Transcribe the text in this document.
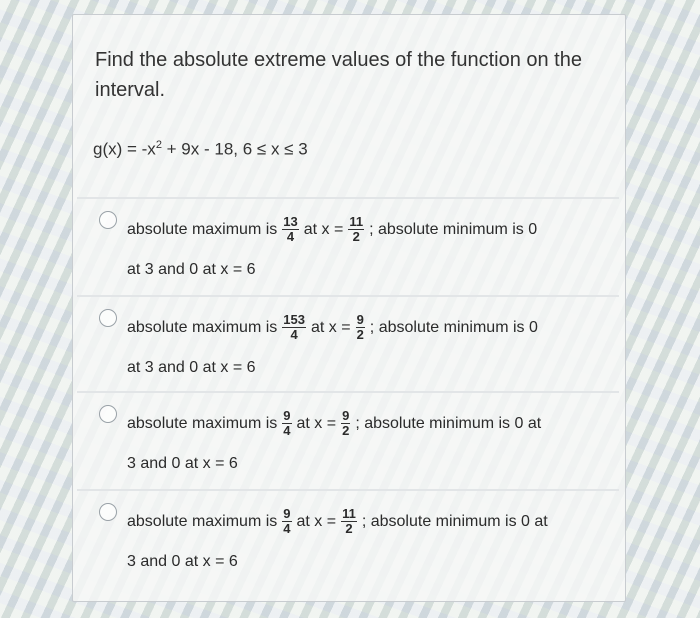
Find the absolute extreme values of the function on the interval.
$g(x) = -x^2 + 9x - 18$, 6 ≤ x ≤ 3
absolute maximum is $\frac{13}{4}$ at $x = \frac{11}{2}$ ; absolute minimum is 0
at 3 and 0 at x = 6
absolute maximum is $\frac{153}{4}$ at $x = \frac{9}{2}$ ; absolute minimum is 0
at 3 and 0 at x = 6
absolute maximum is $\frac{9}{4}$ at $x = \frac{9}{2}$ ; absolute minimum is 0 at
3 and 0 at x = 6
absolute maximum is $\frac{9}{4}$ at $x = \frac{11}{2}$ ; absolute minimum is 0 at
3 and 0 at x = 6
